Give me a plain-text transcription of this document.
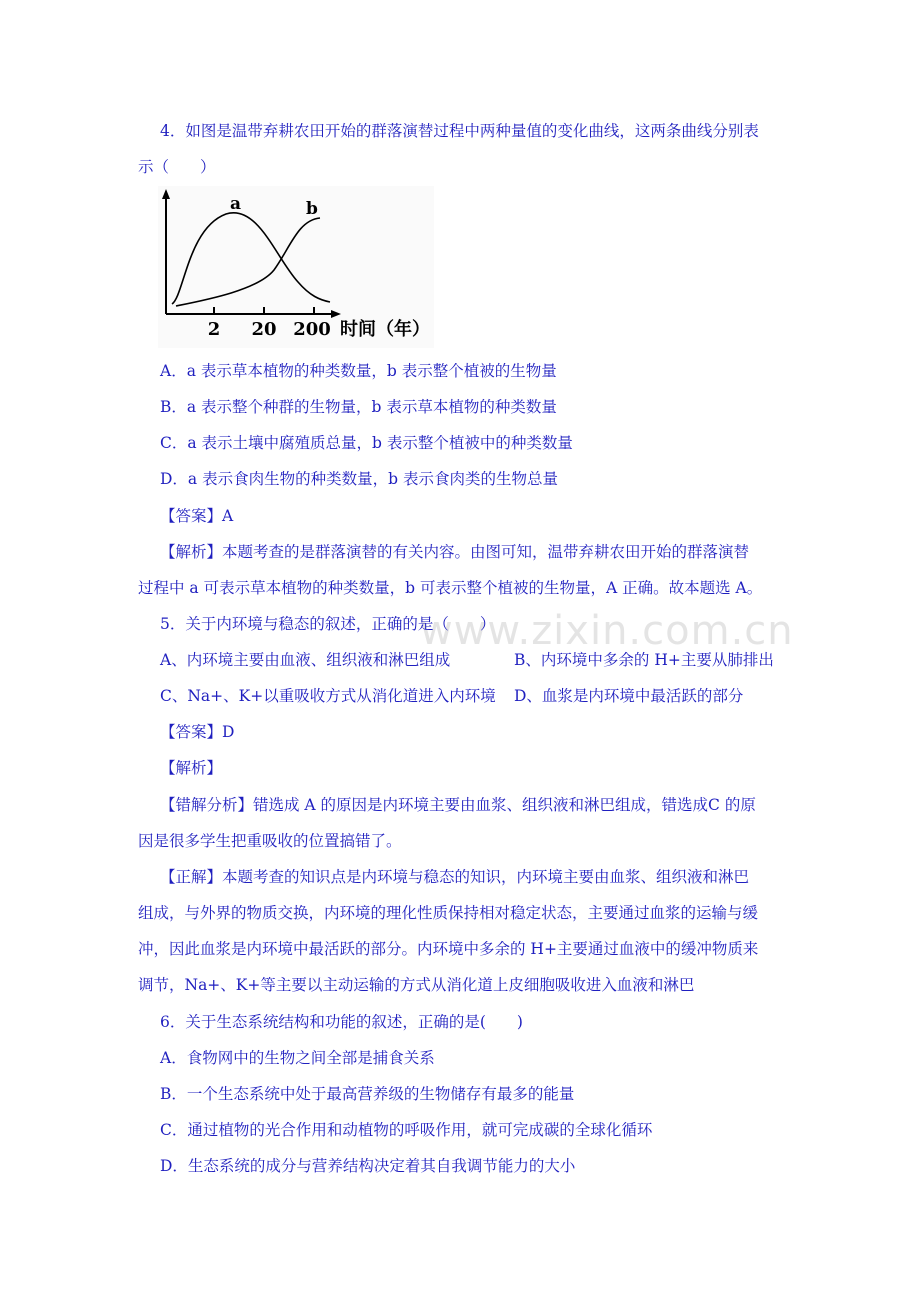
www.zixin.com.cn
4．如图是温带弃耕农田开始的群落演替过程中两种量值的变化曲线，这两条曲线分别表
示（　　）
a	b
2 20 200 时间（年）
A．a 表示草本植物的种类数量，b 表示整个植被的生物量
B．a 表示整个种群的生物量，b 表示草本植物的种类数量
C．a 表示土壤中腐殖质总量，b 表示整个植被中的种类数量
D．a 表示食肉生物的种类数量，b 表示食肉类的生物总量
【答案】A
【解析】本题考查的是群落演替的有关内容。由图可知，温带弃耕农田开始的群落演替
过程中 a 可表示草本植物的种类数量，b 可表示整个植被的生物量，A 正确。故本题选 A。
5．关于内环境与稳态的叙述，正确的是（　　）
A、内环境主要由血液、组织液和淋巴组成	B、内环境中多余的 H+主要从肺排出
C、Na+、K+以重吸收方式从消化道进入内环境 D、血浆是内环境中最活跃的部分
【答案】D
【解析】
【错解分析】错选成 A 的原因是内环境主要由血浆、组织液和淋巴组成，错选成C 的原
因是很多学生把重吸收的位置搞错了。
【正解】本题考查的知识点是内环境与稳态的知识，内环境主要由血浆、组织液和淋巴
组成，与外界的物质交换，内环境的理化性质保持相对稳定状态，主要通过血浆的运输与缓
冲，因此血浆是内环境中最活跃的部分。内环境中多余的 H+主要通过血液中的缓冲物质来
调节，Na+、K+等主要以主动运输的方式从消化道上皮细胞吸收进入血液和淋巴
6．关于生态系统结构和功能的叙述，正确的是(　　)
A．食物网中的生物之间全部是捕食关系
B．一个生态系统中处于最高营养级的生物储存有最多的能量
C．通过植物的光合作用和动植物的呼吸作用，就可完成碳的全球化循环
D．生态系统的成分与营养结构决定着其自我调节能力的大小
